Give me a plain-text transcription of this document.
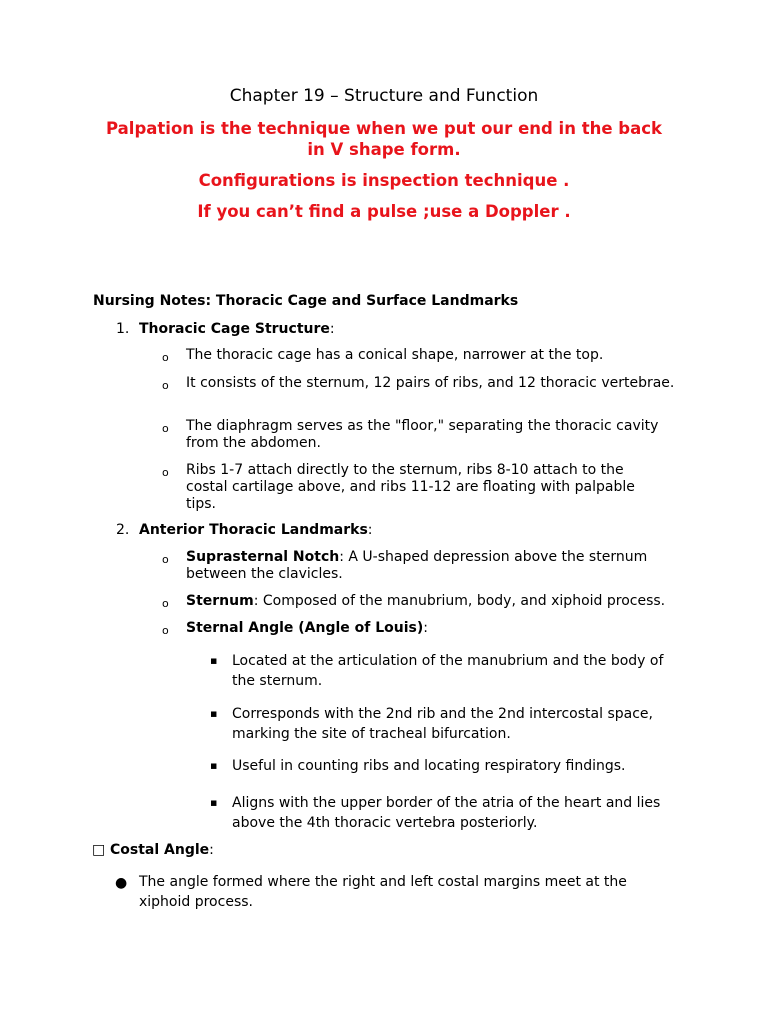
Chapter 19 – Structure and Function

Palpation is the technique when we put our end in the back in V shape form.

Configurations is inspection technique .

If you can’t find a pulse ;use a Doppler .

Nursing Notes: Thoracic Cage and Surface Landmarks

1. Thoracic Cage Structure:

o The thoracic cage has a conical shape, narrower at the top.

o It consists of the sternum, 12 pairs of ribs, and 12 thoracic vertebrae.

o The diaphragm serves as the "floor," separating the thoracic cavity from the abdomen.

o Ribs 1-7 attach directly to the sternum, ribs 8-10 attach to the costal cartilage above, and ribs 11-12 are floating with palpable tips.

2. Anterior Thoracic Landmarks:

o Suprasternal Notch: A U-shaped depression above the sternum between the clavicles.

o Sternum: Composed of the manubrium, body, and xiphoid process.

o Sternal Angle (Angle of Louis):

▪ Located at the articulation of the manubrium and the body of the sternum.

▪ Corresponds with the 2nd rib and the 2nd intercostal space, marking the site of tracheal bifurcation.

▪ Useful in counting ribs and locating respiratory findings.

▪ Aligns with the upper border of the atria of the heart and lies above the 4th thoracic vertebra posteriorly.

□ Costal Angle:

● The angle formed where the right and left costal margins meet at the xiphoid process.
